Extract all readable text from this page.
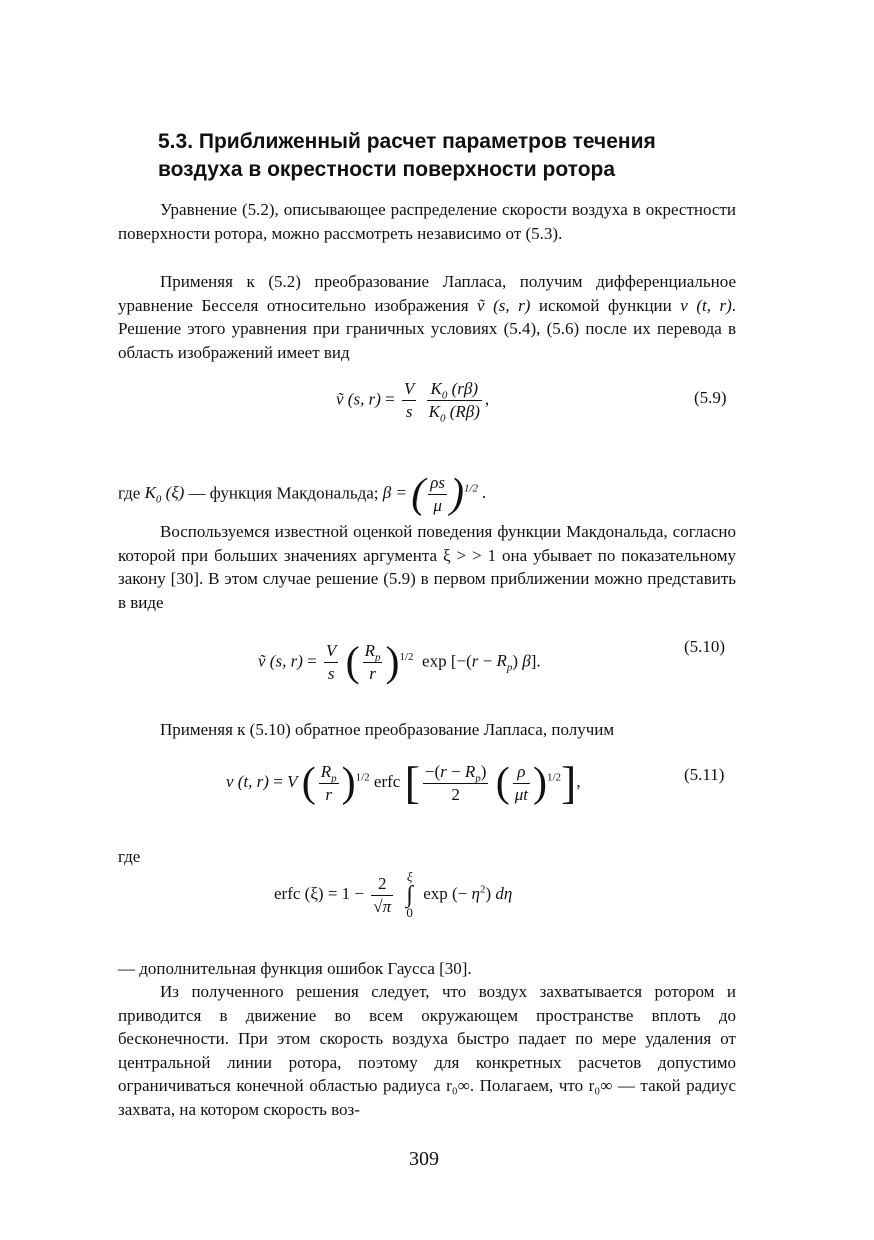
5.3. Приближенный расчет параметров течения
воздуха в окрестности поверхности ротора
Уравнение (5.2), описывающее распределение скорости воздуха в окрестности поверхности ротора, можно рассмотреть независимо от (5.3).
Применяя к (5.2) преобразование Лапласа, получим дифференциальное уравнение Бесселя относительно изображения ṽ (s, r) искомой функции v (t, r). Решение этого уравнения при граничных условиях (5.4), (5.6) после их перевода в область изображений имеет вид
ṽ (s, $r) = \frac{V}{s}$
$\frac{K_0 (r\beta)}{K_0 (R\beta)}$ ,	(5.9)
где $K_0$ (ξ) — функция Макдональда; β = ( $\frac{\rho s}{\mu} )^{1/2}$ .
Воспользуемся известной оценкой поведения функции Макдональда, согласно которой при больших значениях аргумента ξ > > 1 она убывает по показательному закону [30]. В этом случае решение (5.9) в первом приближении можно представить в виде
ṽ (s, $r) = \frac{V}{s}$ ( $\frac{R_p}{r} )^{1/2}$  $\exp [-(r - R_p)$ β].
(5.10)
Применяя к (5.10) обратное преобразование Лапласа, получим
v (t, r) = V ( $\frac{R_p}{r} )^{1/2}$ erfc [ $\frac{-(r - R_p)}{2}$ ( $\frac{\rho}{\mu t} )^{1/2}$],	(5.11)
где
erfc $(\xi) = 1 - \frac{2}{√\pi}$
ξ
∫
0
exp (− $\eta^2$) dη
— дополнительная функция ошибок Гаусса [30].
Из полученного решения следует, что воздух захватывается ротором и приводится в движение во всем окружающем пространстве вплоть до бесконечности. При этом скорость воздуха быстро падает по мере удаления от центральной линии ротора, поэтому для конкретных расчетов допустимо ограничиваться конечной областью радиуса r₀∞. Полагаем, что r₀∞ — такой радиус захвата, на котором скорость воз-
309
